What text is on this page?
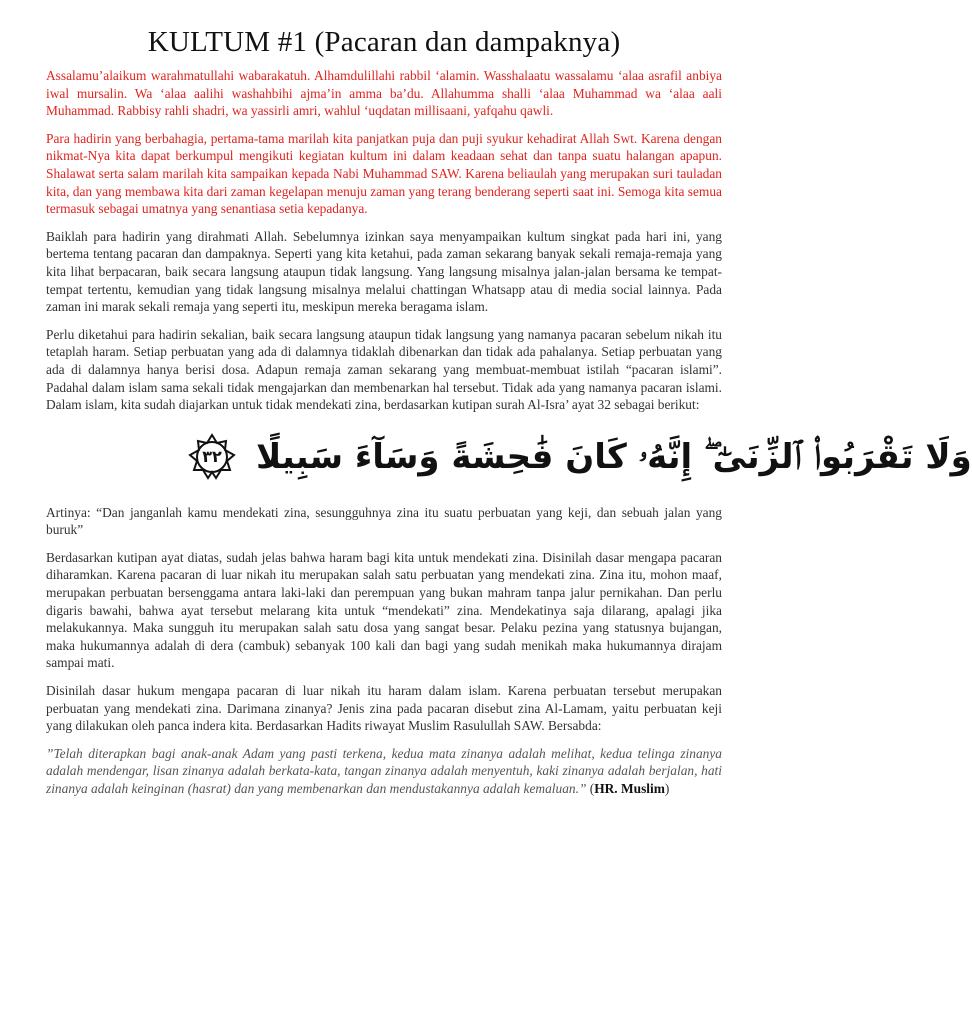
KULTUM #1 (Pacaran dan dampaknya)

Assalamu’alaikum warahmatullahi wabarakatuh. Alhamdulillahi rabbil ‘alamin. Wasshalaatu wassalamu ‘alaa asrafil anbiya iwal mursalin. Wa ‘alaa aalihi washahbihi ajma’in amma ba’du. Allahumma shalli ‘alaa Muhammad wa ‘alaa aali Muhammad. Rabbisy rahli shadri, wa yassirli amri, wahlul ‘uqdatan millisaani, yafqahu qawli.

Para hadirin yang berbahagia, pertama-tama marilah kita panjatkan puja dan puji syukur kehadirat Allah Swt. Karena dengan nikmat-Nya kita dapat berkumpul mengikuti kegiatan kultum ini dalam keadaan sehat dan tanpa suatu halangan apapun. Shalawat serta salam marilah kita sampaikan kepada Nabi Muhammad SAW. Karena beliaulah yang merupakan suri tauladan kita, dan yang membawa kita dari zaman kegelapan menuju zaman yang terang benderang seperti saat ini. Semoga kita semua termasuk sebagai umatnya yang senantiasa setia kepadanya.

Baiklah para hadirin yang dirahmati Allah. Sebelumnya izinkan saya menyampaikan kultum singkat pada hari ini, yang bertema tentang pacaran dan dampaknya. Seperti yang kita ketahui, pada zaman sekarang banyak sekali remaja-remaja yang kita lihat berpacaran, baik secara langsung ataupun tidak langsung. Yang langsung misalnya jalan-jalan bersama ke tempat-tempat tertentu, kemudian yang tidak langsung misalnya melalui chattingan Whatsapp atau di media social lainnya. Pada zaman ini marak sekali remaja yang seperti itu, meskipun mereka beragama islam.

Perlu diketahui para hadirin sekalian, baik secara langsung ataupun tidak langsung yang namanya pacaran sebelum nikah itu tetaplah haram. Setiap perbuatan yang ada di dalamnya tidaklah dibenarkan dan tidak ada pahalanya. Setiap perbuatan yang ada di dalamnya hanya berisi dosa. Adapun remaja zaman sekarang yang membuat-membuat istilah “pacaran islami”. Padahal dalam islam sama sekali tidak mengajarkan dan membenarkan hal tersebut. Tidak ada yang namanya pacaran islami. Dalam islam, kita sudah diajarkan untuk tidak mendekati zina, berdasarkan kutipan surah Al-Isra’ ayat 32 sebagai berikut:

وَلَا تَقْرَبُوا۟ ٱلزِّنَىٰٓ ۖ إِنَّهُۥ كَانَ فَٰحِشَةً وَسَآءَ سَبِيلًا
٣٢

Artinya: “Dan janganlah kamu mendekati zina, sesungguhnya zina itu suatu perbuatan yang keji, dan sebuah jalan yang buruk”

Berdasarkan kutipan ayat diatas, sudah jelas bahwa haram bagi kita untuk mendekati zina. Disinilah dasar mengapa pacaran diharamkan. Karena pacaran di luar nikah itu merupakan salah satu perbuatan yang mendekati zina. Zina itu, mohon maaf, merupakan perbuatan bersenggama antara laki-laki dan perempuan yang bukan mahram tanpa jalur pernikahan. Dan perlu digaris bawahi, bahwa ayat tersebut melarang kita untuk “mendekati” zina. Mendekatinya saja dilarang, apalagi jika melakukannya. Maka sungguh itu merupakan salah satu dosa yang sangat besar. Pelaku pezina yang statusnya bujangan, maka hukumannya adalah di dera (cambuk) sebanyak 100 kali dan bagi yang sudah menikah maka hukumannya dirajam sampai mati.

Disinilah dasar hukum mengapa pacaran di luar nikah itu haram dalam islam. Karena perbuatan tersebut merupakan perbuatan yang mendekati zina. Darimana zinanya? Jenis zina pada pacaran disebut zina Al-Lamam, yaitu perbuatan keji yang dilakukan oleh panca indera kita. Berdasarkan Hadits riwayat Muslim Rasulullah SAW. Bersabda:

”Telah diterapkan bagi anak-anak Adam yang pasti terkena, kedua mata zinanya adalah melihat, kedua telinga zinanya adalah mendengar, lisan zinanya adalah berkata-kata, tangan zinanya adalah menyentuh, kaki zinanya adalah berjalan, hati zinanya adalah keinginan (hasrat) dan yang membenarkan dan mendustakannya adalah kemaluan.” (HR. Muslim)
